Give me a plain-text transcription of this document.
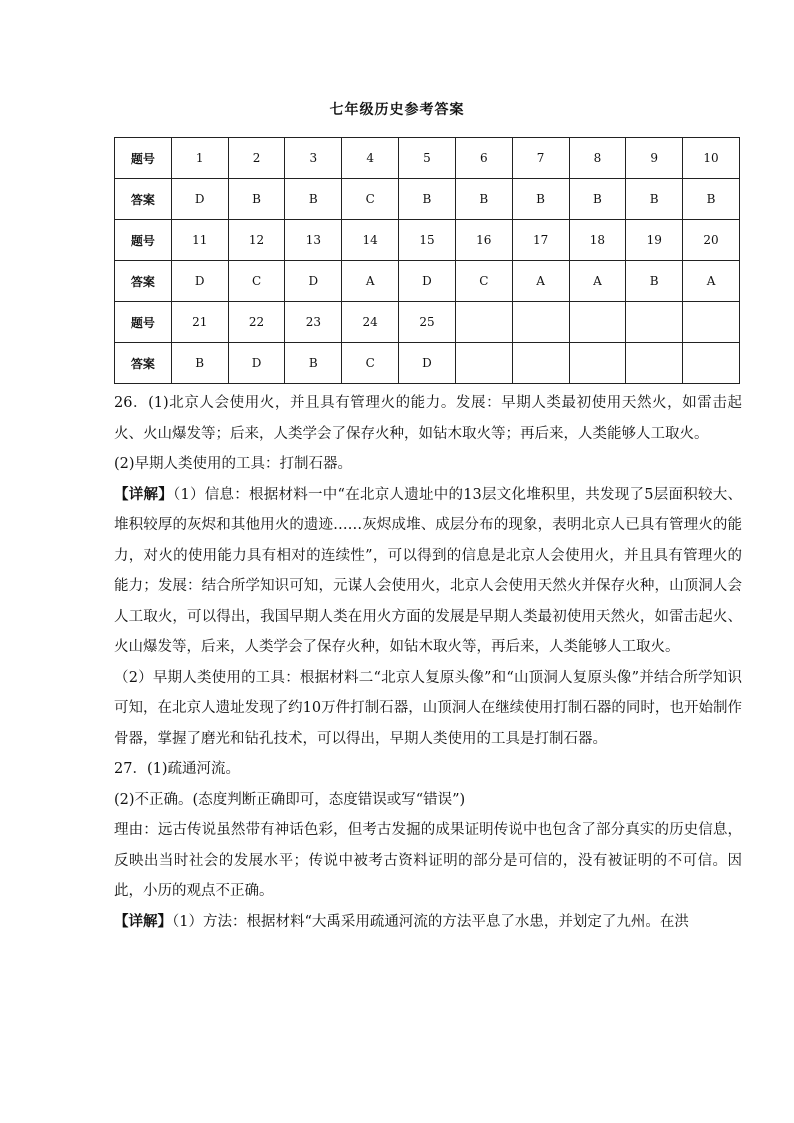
七年级历史参考答案
题号	1	2	3	4	5	6	7	8	9	10
答案	D	B	B	C	B	B	B	B	B	B
题号	11	12	13	14	15	16	17	18	19	20
答案	D	C	D	A	D	C	A	A	B	A
题号	21	22	23	24	25					
答案	B	D	B	C	D					

26．(1)北京人会使用火，并且具有管理火的能力。发展：早期人类最初使用天然火，如雷击起火、火山爆发等；后来，人类学会了保存火种，如钻木取火等；再后来，人类能够人工取火。

(2)早期人类使用的工具：打制石器。

【详解】（1）信息：根据材料一中“在北京人遗址中的13层文化堆积里，共发现了5层面积较大、堆积较厚的灰烬和其他用火的遗迹……灰烬成堆、成层分布的现象，表明北京人已具有管理火的能力，对火的使用能力具有相对的连续性”，可以得到的信息是北京人会使用火，并且具有管理火的能力；发展：结合所学知识可知，元谋人会使用火，北京人会使用天然火并保存火种，山顶洞人会人工取火，可以得出，我国早期人类在用火方面的发展是早期人类最初使用天然火，如雷击起火、火山爆发等，后来，人类学会了保存火种，如钻木取火等，再后来，人类能够人工取火。

（2）早期人类使用的工具：根据材料二“北京人复原头像”和“山顶洞人复原头像”并结合所学知识可知，在北京人遗址发现了约10万件打制石器，山顶洞人在继续使用打制石器的同时，也开始制作骨器，掌握了磨光和钻孔技术，可以得出，早期人类使用的工具是打制石器。

27．(1)疏通河流。

(2)不正确。(态度判断正确即可，态度错误或写“错误”)

理由：远古传说虽然带有神话色彩，但考古发掘的成果证明传说中也包含了部分真实的历史信息，反映出当时社会的发展水平；传说中被考古资料证明的部分是可信的，没有被证明的不可信。因此，小历的观点不正确。

【详解】（1）方法：根据材料“大禹采用疏通河流的方法平息了水患，并划定了九州。在洪
